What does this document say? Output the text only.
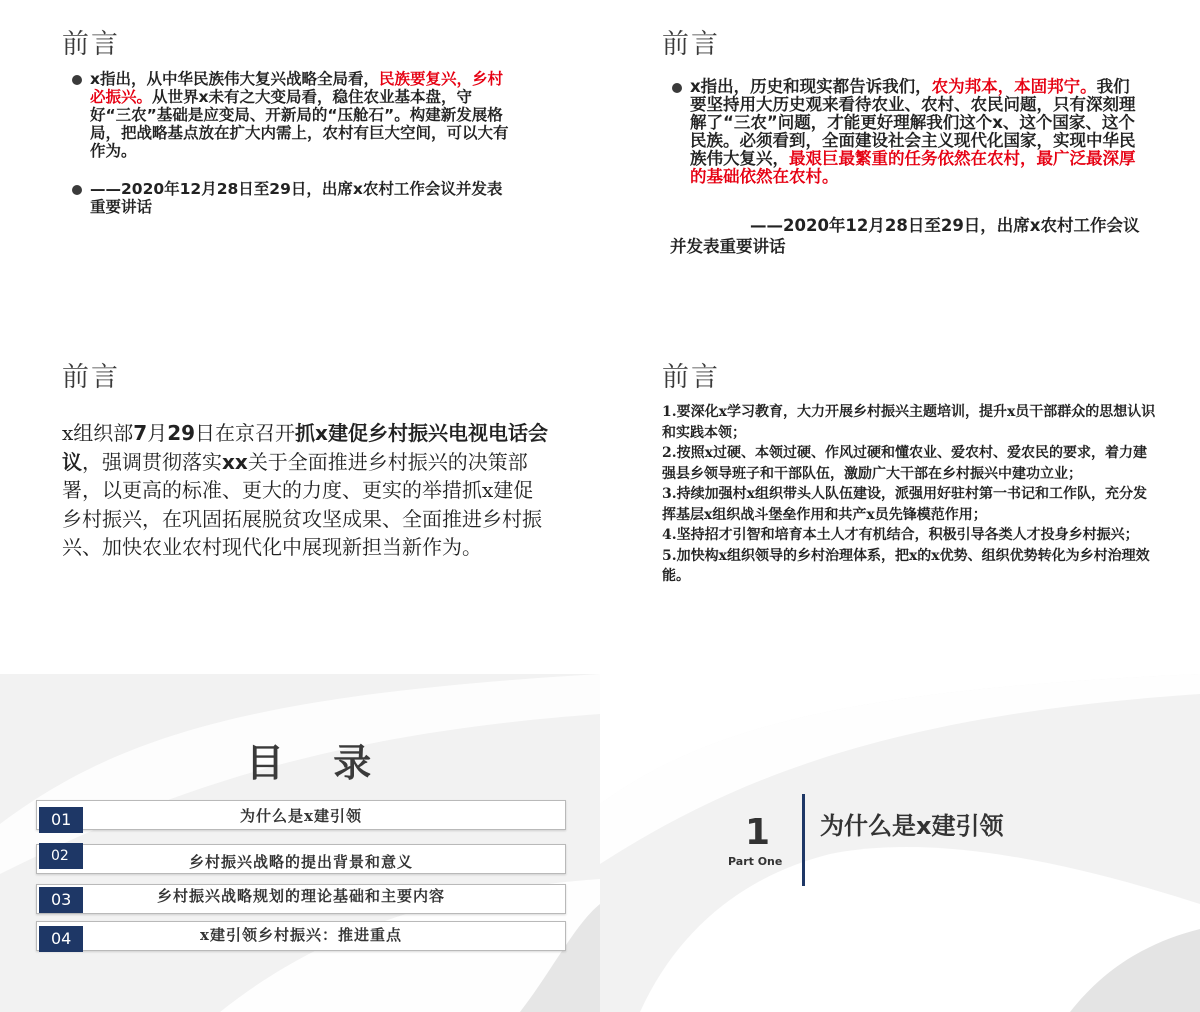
前言
x指出，从中华民族伟大复兴战略全局看，民族要复兴，乡村必振兴。从世界x未有之大变局看，稳住农业基本盘，守好“三农”基础是应变局、开新局的“压舱石”。构建新发展格局，把战略基点放在扩大内需上，农村有巨大空间，可以大有作为。
——2020年12月28日至29日，出席x农村工作会议并发表重要讲话
前言
x指出，历史和现实都告诉我们，农为邦本，本固邦宁。我们要坚持用大历史观来看待农业、农村、农民问题，只有深刻理解了“三农”问题，才能更好理解我们这个x、这个国家、这个民族。必须看到，全面建设社会主义现代化国家，实现中华民族伟大复兴，最艰巨最繁重的任务依然在农村，最广泛最深厚的基础依然在农村。
——2020年12月28日至29日，出席x农村工作会议并发表重要讲话
前言
x组织部7月29日在京召开抓x建促乡村振兴电视电话会议，强调贯彻落实xx关于全面推进乡村振兴的决策部署，以更高的标准、更大的力度、更实的举措抓x建促乡村振兴，在巩固拓展脱贫攻坚成果、全面推进乡村振兴、加快农业农村现代化中展现新担当新作为。
前言
1.要深化x学习教育，大力开展乡村振兴主题培训，提升x员干部群众的思想认识和实践本领；
2.按照x过硬、本领过硬、作风过硬和懂农业、爱农村、爱农民的要求，着力建强县乡领导班子和干部队伍，激励广大干部在乡村振兴中建功立业；
3.持续加强村x组织带头人队伍建设，派强用好驻村第一书记和工作队，充分发挥基层x组织战斗堡垒作用和共产x员先锋模范作用；
4.坚持招才引智和培育本土人才有机结合，积极引导各类人才投身乡村振兴；
5.加快构x组织领导的乡村治理体系，把x的x优势、组织优势转化为乡村治理效能。
目 录
01	为什么是x建引领
02	乡村振兴战略的提出背景和意义
03	乡村振兴战略规划的理论基础和主要内容
04	x建引领乡村振兴：推进重点
1
Part One
为什么是x建引领
